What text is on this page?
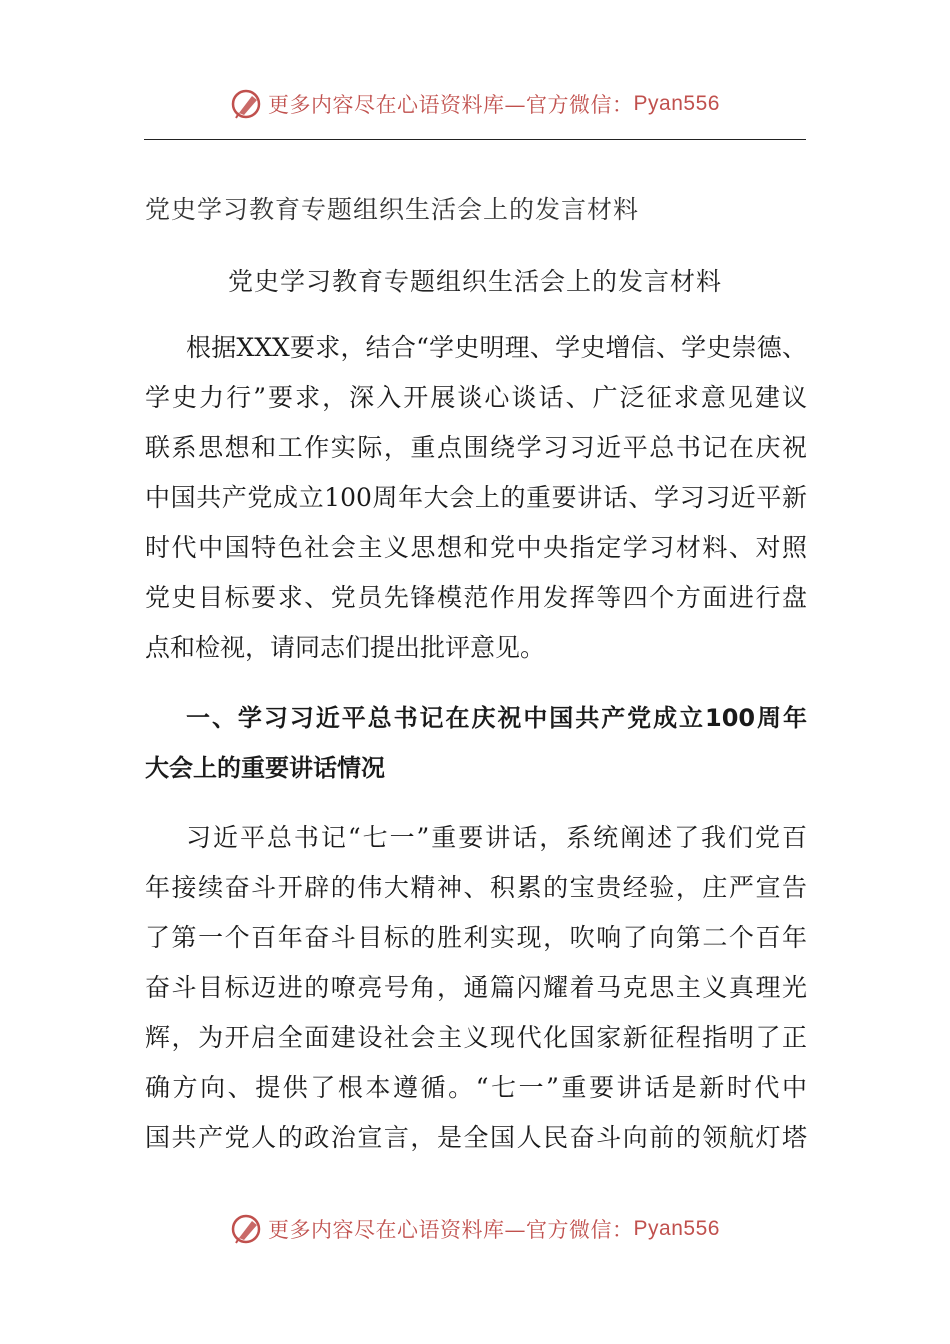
更多内容尽在心语资料库—官方微信： Pyan556
党史学习教育专题组织生活会上的发言材料
党史学习教育专题组织生活会上的发言材料
根据XXX要求，结合“学史明理、学史增信、学史崇德、
学史力行”要求，深入开展谈心谈话、广泛征求意见建议
联系思想和工作实际，重点围绕学习习近平总书记在庆祝
中国共产党成立100周年大会上的重要讲话、学习习近平新
时代中国特色社会主义思想和党中央指定学习材料、对照
党史目标要求、党员先锋模范作用发挥等四个方面进行盘
点和检视，请同志们提出批评意见。
一、学习习近平总书记在庆祝中国共产党成立100周年
大会上的重要讲话情况
习近平总书记“七一”重要讲话，系统阐述了我们党百
年接续奋斗开辟的伟大精神、积累的宝贵经验，庄严宣告
了第一个百年奋斗目标的胜利实现，吹响了向第二个百年
奋斗目标迈进的嘹亮号角，通篇闪耀着马克思主义真理光
辉，为开启全面建设社会主义现代化国家新征程指明了正
确方向、提供了根本遵循。“七一”重要讲话是新时代中
国共产党人的政治宣言，是全国人民奋斗向前的领航灯塔
更多内容尽在心语资料库—官方微信： Pyan556
